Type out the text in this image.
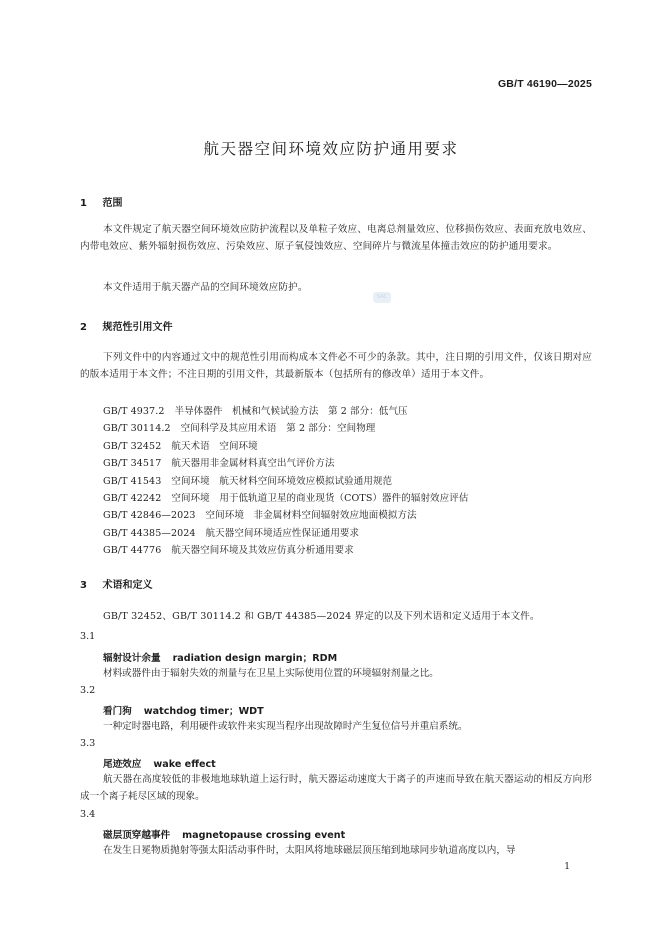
GB/T 46190—2025
航天器空间环境效应防护通用要求
1 范围

本文件规定了航天器空间环境效应防护流程以及单粒子效应、电离总剂量效应、位移损伤效应、表面充放电效应、内带电效应、紫外辐射损伤效应、污染效应、原子氧侵蚀效应、空间碎片与微流星体撞击效应的防护通用要求。

本文件适用于航天器产品的空间环境效应防护。

SAC
2 规范性引用文件

下列文件中的内容通过文中的规范性引用而构成本文件必不可少的条款。其中，注日期的引用文件，仅该日期对应的版本适用于本文件；不注日期的引用文件，其最新版本（包括所有的修改单）适用于本文件。

GB/T 4937.2 半导体器件　机械和气候试验方法　第 2 部分：低气压
GB/T 30114.2 空间科学及其应用术语　第 2 部分：空间物理
GB/T 32452 航天术语　空间环境
GB/T 34517 航天器用非金属材料真空出气评价方法
GB/T 41543 空间环境　航天材料空间环境效应模拟试验通用规范
GB/T 42242 空间环境　用于低轨道卫星的商业现货（COTS）器件的辐射效应评估
GB/T 42846—2023 空间环境　非金属材料空间辐射效应地面模拟方法
GB/T 44385—2024 航天器空间环境适应性保证通用要求
GB/T 44776 航天器空间环境及其效应仿真分析通用要求
3 术语和定义

GB/T 32452、GB/T 30114.2 和 GB/T 44385—2024 界定的以及下列术语和定义适用于本文件。

3.1
辐射设计余量 radiation design margin；RDM

材料或器件由于辐射失效的剂量与在卫星上实际使用位置的环境辐射剂量之比。

3.2
看门狗 watchdog timer；WDT

一种定时器电路，利用硬件或软件来实现当程序出现故障时产生复位信号并重启系统。

3.3
尾迹效应 wake effect

航天器在高度较低的非极地地球轨道上运行时，航天器运动速度大于离子的声速而导致在航天器运动的相反方向形成一个离子耗尽区域的现象。

3.4
磁层顶穿越事件 magnetopause crossing event

在发生日冕物质抛射等强太阳活动事件时，太阳风将地球磁层顶压缩到地球同步轨道高度以内，导

1
